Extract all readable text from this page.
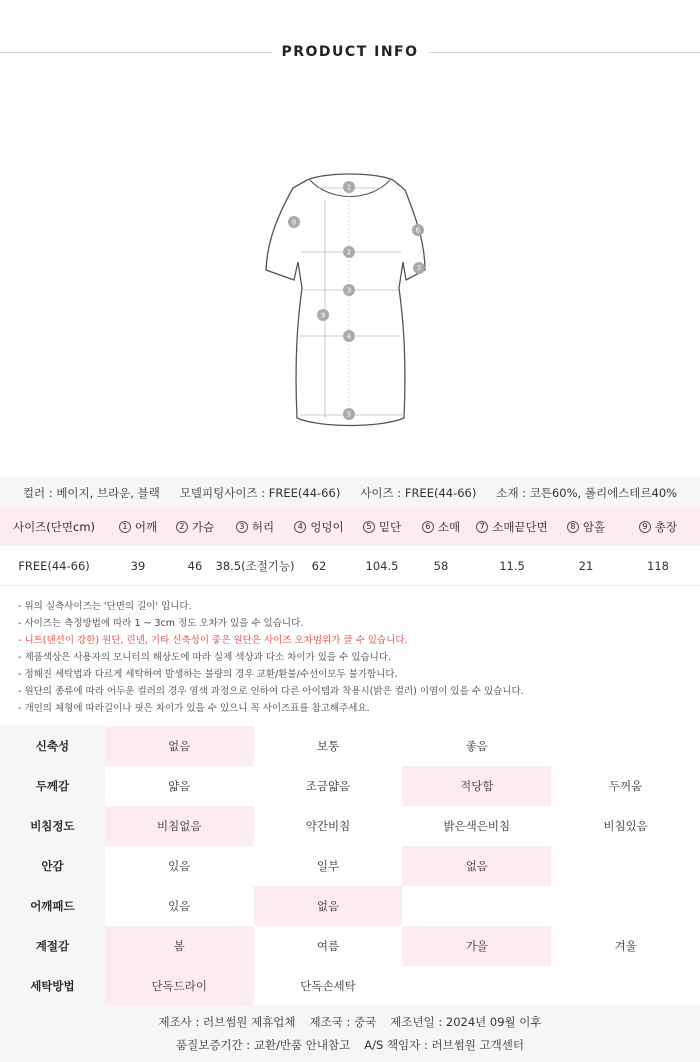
PRODUCT INFO
1
2
3
4
5
6
7
8
9
컬러 : 베이지, 브라운, 블랙 모델피팅사이즈 : FREE(44-66) 사이즈 : FREE(44-66) 소재 : 코튼60%, 폴리에스테르40%
사이즈(단면cm)	1 어깨	2 가슴	3 허리	4 엉덩이	5 밑단	6 소매	7 소매끝단면	8 암홀	9 총장
FREE(44-66)	39	46	38.5(조절기능)	62	104.5	58	11.5	21	118
- 위의 실측사이즈는 '단면의 길이' 입니다.
- 사이즈는 측정방법에 따라 1 ~ 3cm 정도 오차가 있을 수 있습니다.
- 니트(텐션이 강한) 원단, 린넨, 기타 신축성이 좋은 원단은 사이즈 오차범위가 클 수 있습니다.
- 제품색상은 사용자의 모니터의 해상도에 따라 실제 색상과 다소 차이가 있을 수 있습니다.
- 정해진 세탁법과 다르게 세탁하여 발생하는 불량의 경우 교환/환불/수선이모두 불가합니다.
- 원단의 종류에 따라 어두운 컬러의 경우 염색 과정으로 인하여 다른 아이템과 착용시(밝은 컬러) 이염이 있을 수 있습니다.
- 개인의 체형에 따라길이나 핏은 차이가 있을 수 있으니 꼭 사이즈표를 참고해주세요.
신축성	없음	보통	좋음
두께감	얇음	조금얇음	적당함	두꺼움
비침정도	비침없음	약간비침	밝은색은비침	비침있음
안감	있음	일부	없음
어깨패드	있음	없음
계절감	봄	여름	가을	겨울
세탁방법	단독드라이	단독손세탁
제조사 : 러브썸원 제휴업체 제조국 : 중국 제조년일 : 2024년 09월 이후
품질보증기간 : 교환/반품 안내참고 A/S 책임자 : 러브썸원 고객센터
